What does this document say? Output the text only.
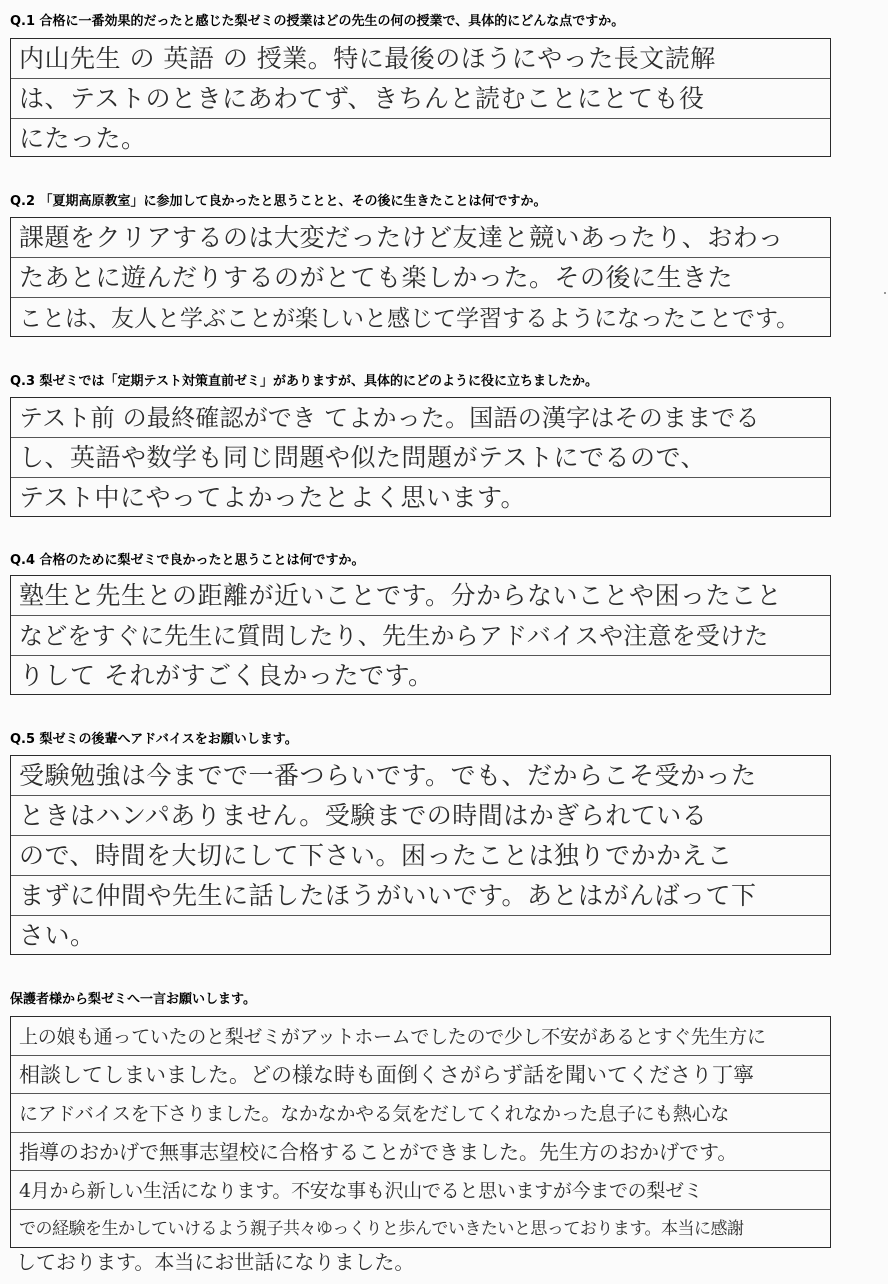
Q.1 合格に一番効果的だったと感じた梨ゼミの授業はどの先生の何の授業で、具体的にどんな点ですか。
内山先生 の 英語 の 授業。特に最後のほうにやった長文読解
は、テストのときにあわてず、きちんと読むことにとても役
にたった。
Q.2 「夏期高原教室」に参加して良かったと思うことと、その後に生きたことは何ですか。
課題をクリアするのは大変だったけど友達と競いあったり、おわっ
たあとに遊んだりするのがとても楽しかった。その後に生きた
ことは、友人と学ぶことが楽しいと感じて学習するようになったことです。
Q.3 梨ゼミでは「定期テスト対策直前ゼミ」がありますが、具体的にどのように役に立ちましたか。
テスト前 の最終確認ができ てよかった。国語の漢字はそのままでる
し、英語や数学も同じ問題や似た問題がテストにでるので、
テスト中にやってよかったとよく思います。
Q.4 合格のために梨ゼミで良かったと思うことは何ですか。
塾生と先生との距離が近いことです。分からないことや困ったこと
などをすぐに先生に質問したり、先生からアドバイスや注意を受けた
りして それがすごく良かったです。
Q.5 梨ゼミの後輩へアドバイスをお願いします。
受験勉強は今までで一番つらいです。でも、だからこそ受かった
ときはハンパありません。受験までの時間はかぎられている
ので、時間を大切にして下さい。困ったことは独りでかかえこ
まずに仲間や先生に話したほうがいいです。あとはがんばって下
さい。
保護者様から梨ゼミへ一言お願いします。
上の娘も通っていたのと梨ゼミがアットホームでしたので少し不安があるとすぐ先生方に
相談してしまいました。どの様な時も面倒くさがらず話を聞いてくださり丁寧
にアドバイスを下さりました。なかなかやる気をだしてくれなかった息子にも熱心な
指導のおかげで無事志望校に合格することができました。先生方のおかげです。
4月から新しい生活になります。不安な事も沢山でると思いますが今までの梨ゼミ
での経験を生かしていけるよう親子共々ゆっくりと歩んでいきたいと思っております。本当に感謝
しております。本当にお世話になりました。
